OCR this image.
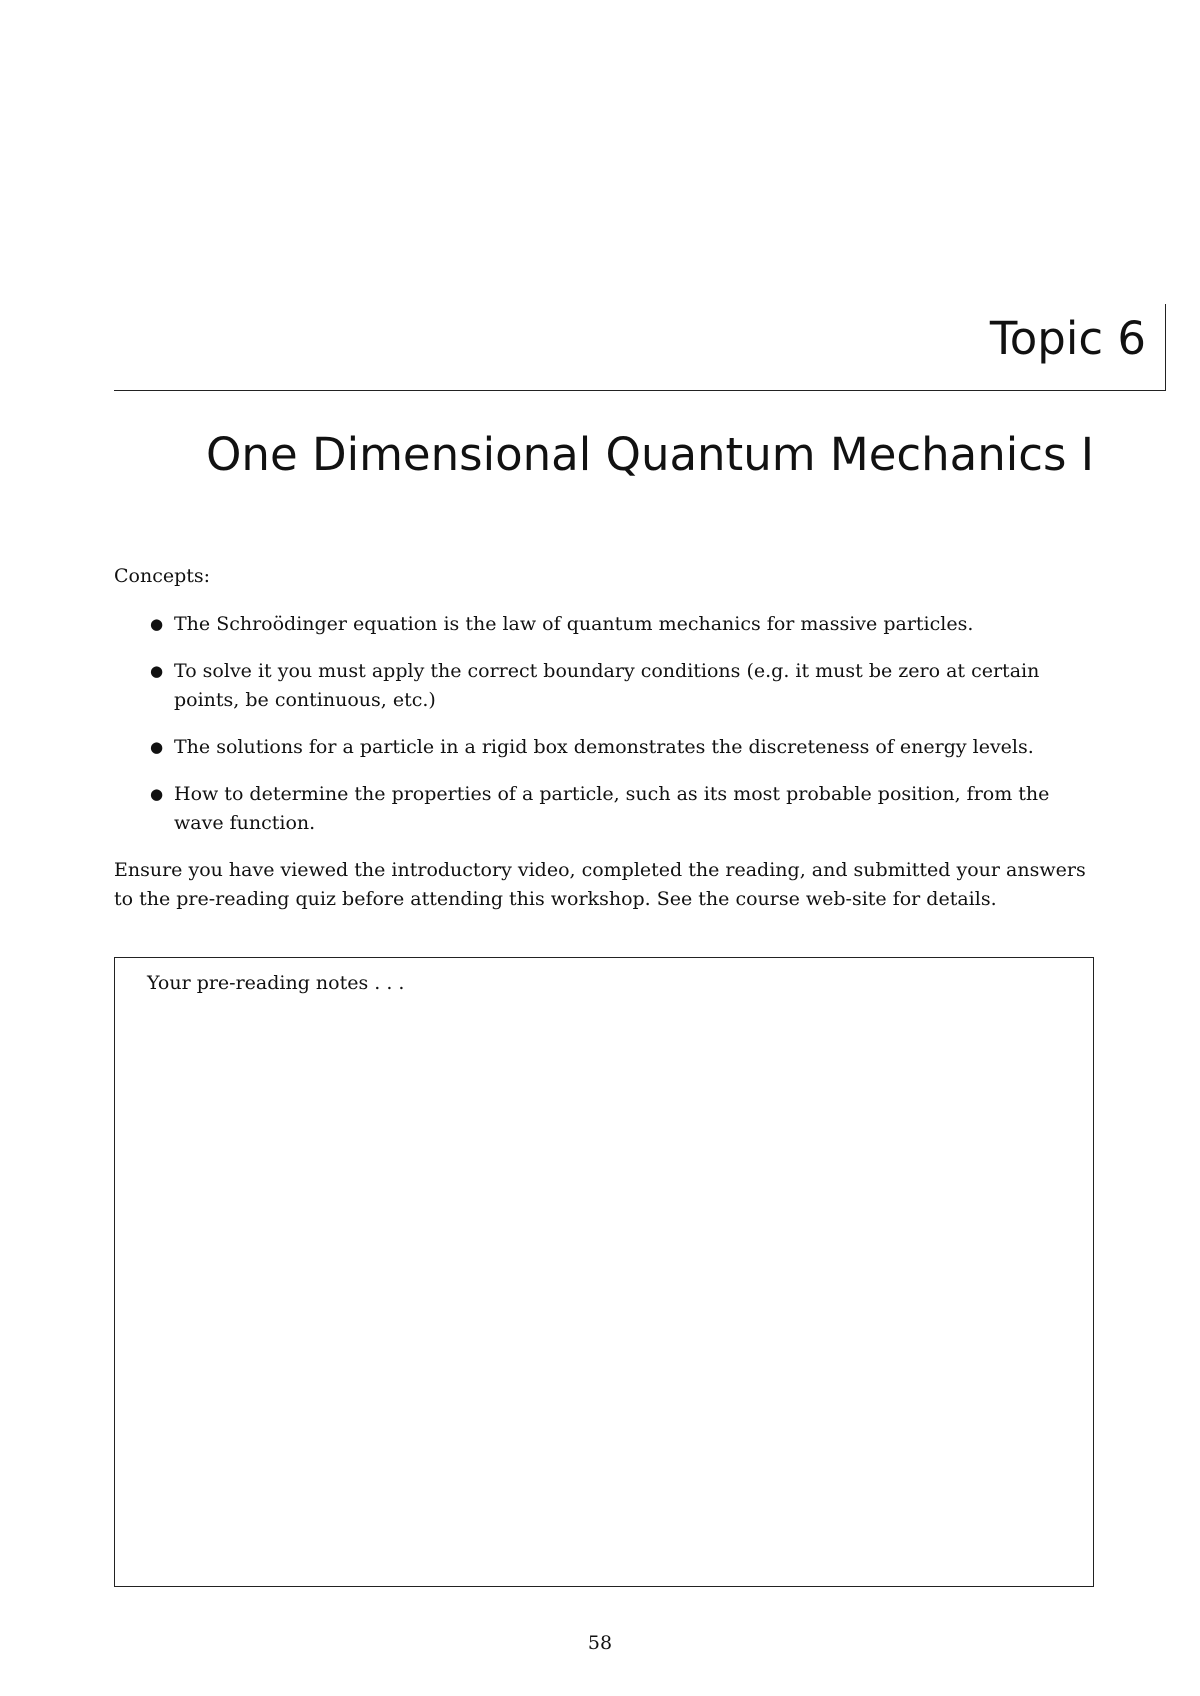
Topic 6
One Dimensional Quantum Mechanics I
Concepts:
● The Schroödinger equation is the law of quantum mechanics for massive particles.
● To solve it you must apply the correct boundary conditions (e.g. it must be zero at certain points, be continuous, etc.)
● The solutions for a particle in a rigid box demonstrates the discreteness of energy levels.
● How to determine the properties of a particle, such as its most probable position, from the wave function.

Ensure you have viewed the introductory video, completed the reading, and submitted your answers to the pre-reading quiz before attending this workshop. See the course web-site for details.

Your pre-reading notes . . .
58
